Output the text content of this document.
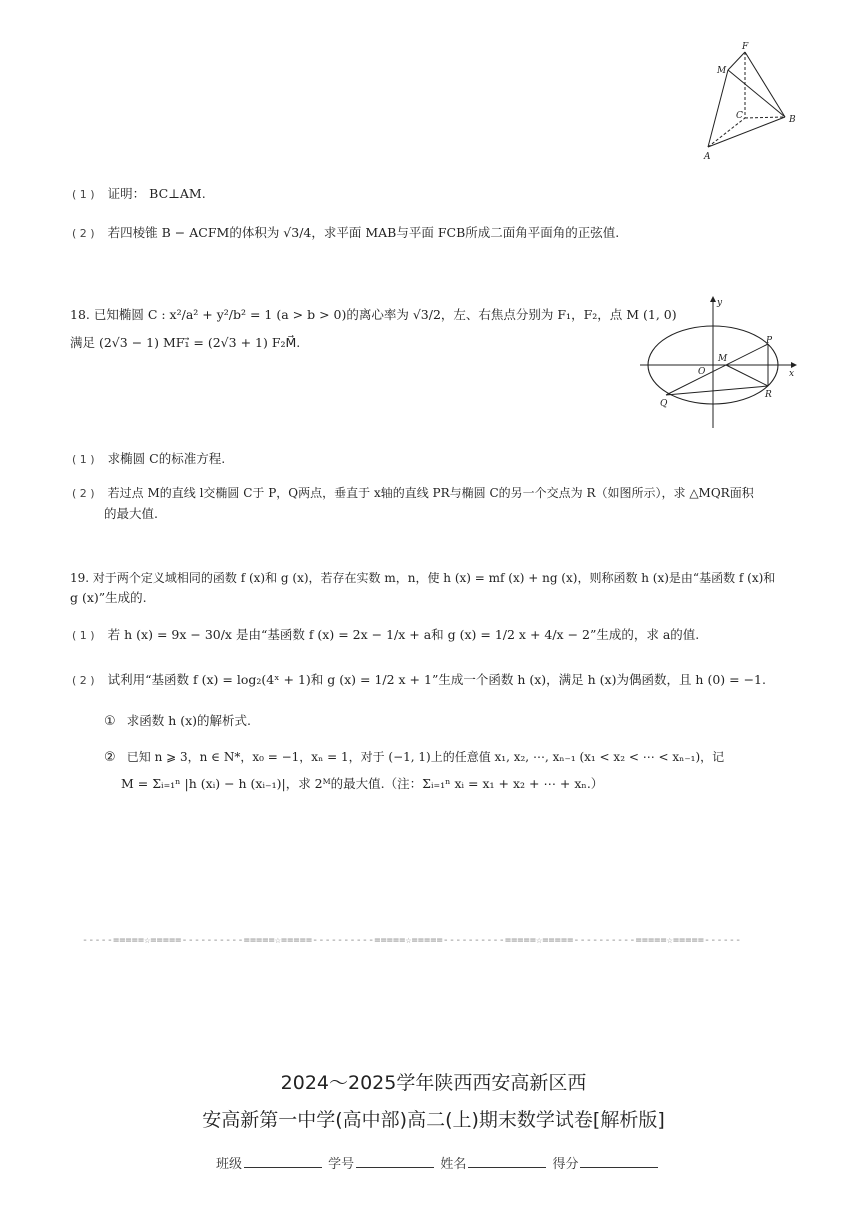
F
M
C	B
A
( 1 ) 证明： BC⊥AM.
( 2 ) 若四棱锥 B − ACFM的体积为 √3/4，求平面 MAB与平面 FCB所成二面角平面角的正弦值.
18. 已知椭圆 C : x²/a² + y²/b² = 1 (a > b > 0)的离心率为 √3/2，左、右焦点分别为 F₁，F₂，点 M (1, 0)
满足 (2√3 − 1) MF₁⃗ = (2√3 + 1) F₂M⃗.
y
x
O
M
P
Q
R
( 1 ) 求椭圆 C的标准方程.
( 2 ) 若过点 M的直线 l交椭圆 C于 P，Q两点，垂直于 x轴的直线 PR与椭圆 C的另一个交点为 R（如图所示），求 △MQR面积
的最大值.
19. 对于两个定义域相同的函数 f (x)和 g (x)，若存在实数 m，n，使 h (x) = mf (x) + ng (x)，则称函数 h (x)是由“基函数 f (x)和
g (x)”生成的.
( 1 ) 若 h (x) = 9x − 30/x 是由“基函数 f (x) = 2x − 1/x + a和 g (x) = 1/2 x + 4/x − 2”生成的，求 a的值.
( 2 ) 试利用“基函数 f (x) = log₂(4ˣ + 1)和 g (x) = 1/2 x + 1”生成一个函数 h (x)，满足 h (x)为偶函数，且 h (0) = −1.
① 求函数 h (x)的解析式.
② 已知 n ⩾ 3，n ∈ N*，x₀ = −1，xₙ = 1，对于 (−1, 1)上的任意值 x₁, x₂, ⋯, xₙ₋₁ (x₁ < x₂ < ⋯ < xₙ₋₁)，记
M = Σᵢ₌₁ⁿ |h (xᵢ) − h (xᵢ₋₁)|，求 2ᴹ的最大值.（注：Σᵢ₌₁ⁿ xᵢ = x₁ + x₂ + ⋯ + xₙ.）
-----=====☆=====----------=====☆=====----------=====☆=====----------=====☆=====----------=====☆=====------
2024～2025学年陕西西安高新区西
安高新第一中学(高中部)高二(上)期末数学试卷[解析版]
班级	学号	姓名	得分
